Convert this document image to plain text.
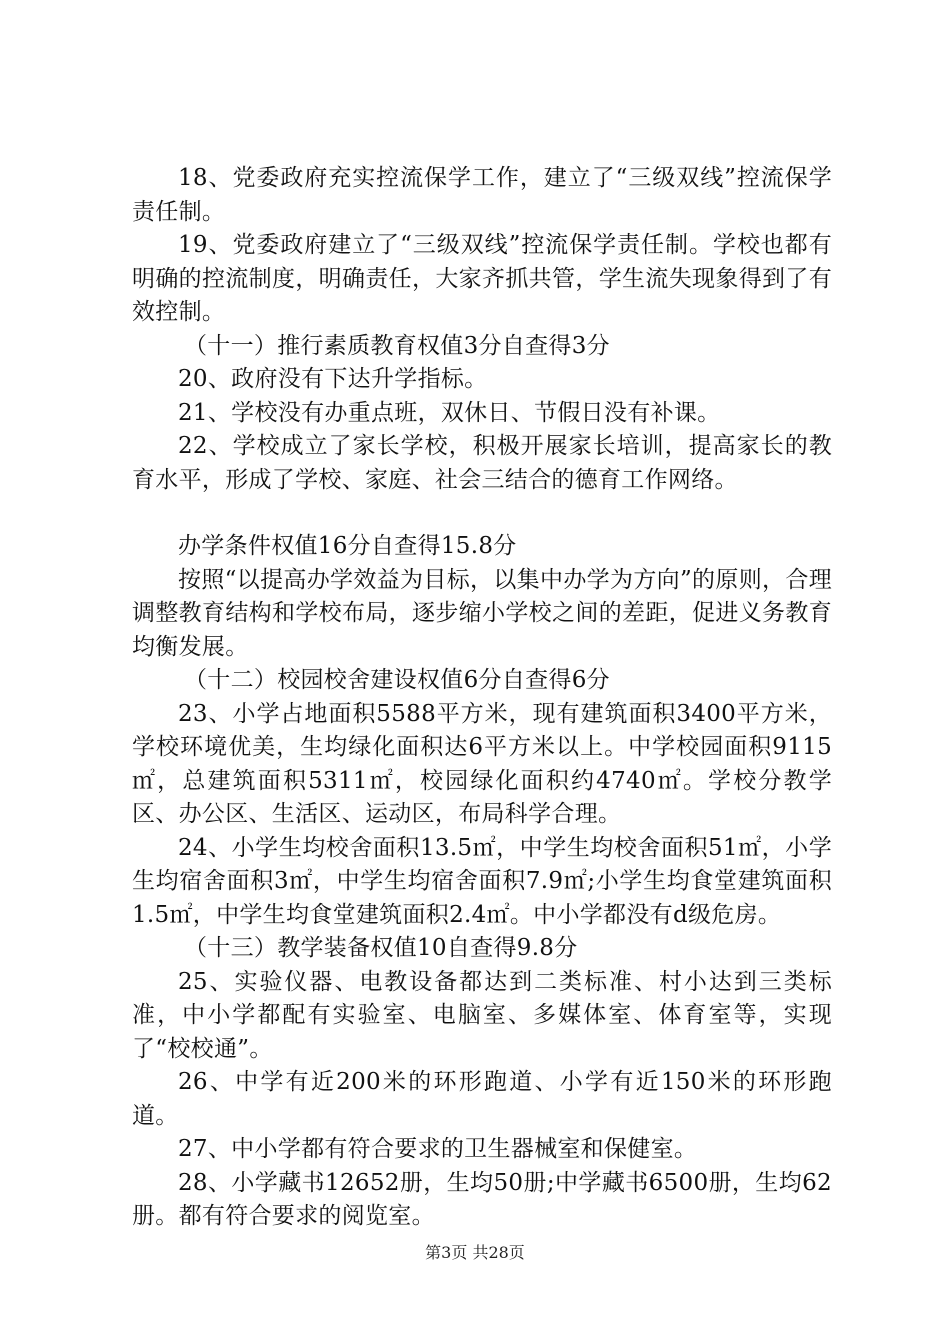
18、党委政府充实控流保学工作，建立了“三级双线”控流保学责任制。

19、党委政府建立了“三级双线”控流保学责任制。学校也都有明确的控流制度，明确责任，大家齐抓共管，学生流失现象得到了有效控制。

（十一）推行素质教育权值3分自查得3分

20、政府没有下达升学指标。

21、学校没有办重点班，双休日、节假日没有补课。

22、学校成立了家长学校，积极开展家长培训，提高家长的教育水平，形成了学校、家庭、社会三结合的德育工作网络。

办学条件权值16分自查得15.8分

按照“以提高办学效益为目标，以集中办学为方向”的原则，合理调整教育结构和学校布局，逐步缩小学校之间的差距，促进义务教育均衡发展。

（十二）校园校舍建设权值6分自查得6分

23、小学占地面积5588平方米，现有建筑面积3400平方米，学校环境优美，生均绿化面积达6平方米以上。中学校园面积9115㎡，总建筑面积5311㎡，校园绿化面积约4740㎡。学校分教学区、办公区、生活区、运动区，布局科学合理。

24、小学生均校舍面积13.5㎡，中学生均校舍面积51㎡，小学生均宿舍面积3㎡，中学生均宿舍面积7.9㎡;小学生均食堂建筑面积1.5㎡，中学生均食堂建筑面积2.4㎡。中小学都没有d级危房。

（十三）教学装备权值10自查得9.8分

25、实验仪器、电教设备都达到二类标准、村小达到三类标准，中小学都配有实验室、电脑室、多媒体室、体育室等，实现了“校校通”。

26、中学有近200米的环形跑道、小学有近150米的环形跑道。

27、中小学都有符合要求的卫生器械室和保健室。

28、小学藏书12652册，生均50册;中学藏书6500册，生均62册。都有符合要求的阅览室。

第3页 共28页
